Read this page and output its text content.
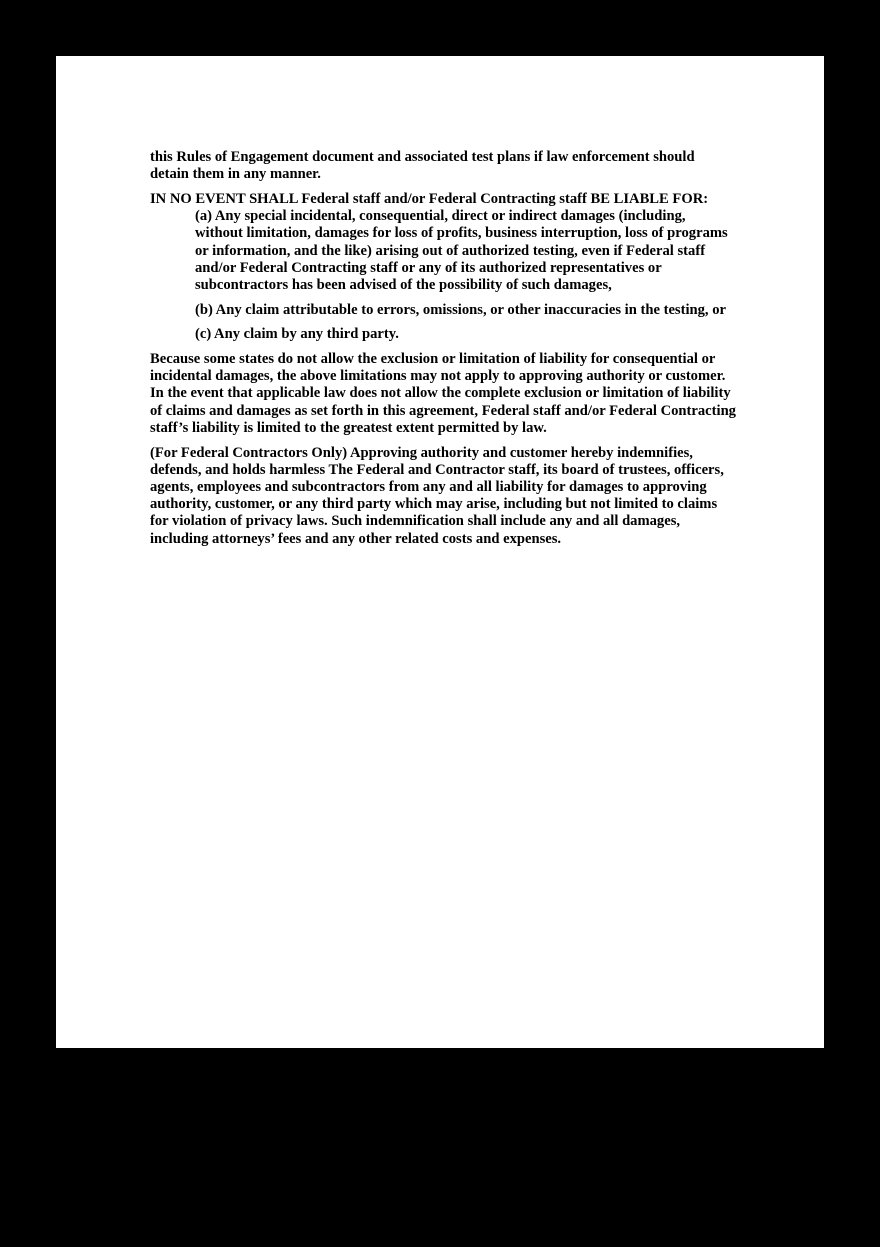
this Rules of Engagement document and associated test plans if law enforcement should detain them in any manner.

IN NO EVENT SHALL Federal staff and/or Federal Contracting staff BE LIABLE FOR:

(a) Any special incidental, consequential, direct or indirect damages (including, without limitation, damages for loss of profits, business interruption, loss of programs or information, and the like) arising out of authorized testing, even if Federal staff and/or Federal Contracting staff or any of its authorized representatives or subcontractors has been advised of the possibility of such damages,

(b) Any claim attributable to errors, omissions, or other inaccuracies in the testing, or

(c) Any claim by any third party.

Because some states do not allow the exclusion or limitation of liability for consequential or incidental damages, the above limitations may not apply to approving authority or customer. In the event that applicable law does not allow the complete exclusion or limitation of liability of claims and damages as set forth in this agreement, Federal staff and/or Federal Contracting staff’s liability is limited to the greatest extent permitted by law.

(For Federal Contractors Only) Approving authority and customer hereby indemnifies, defends, and holds harmless The Federal and Contractor staff, its board of trustees, officers, agents, employees and subcontractors from any and all liability for damages to approving authority, customer, or any third party which may arise, including but not limited to claims for violation of privacy laws. Such indemnification shall include any and all damages, including attorneys’ fees and any other related costs and expenses.
